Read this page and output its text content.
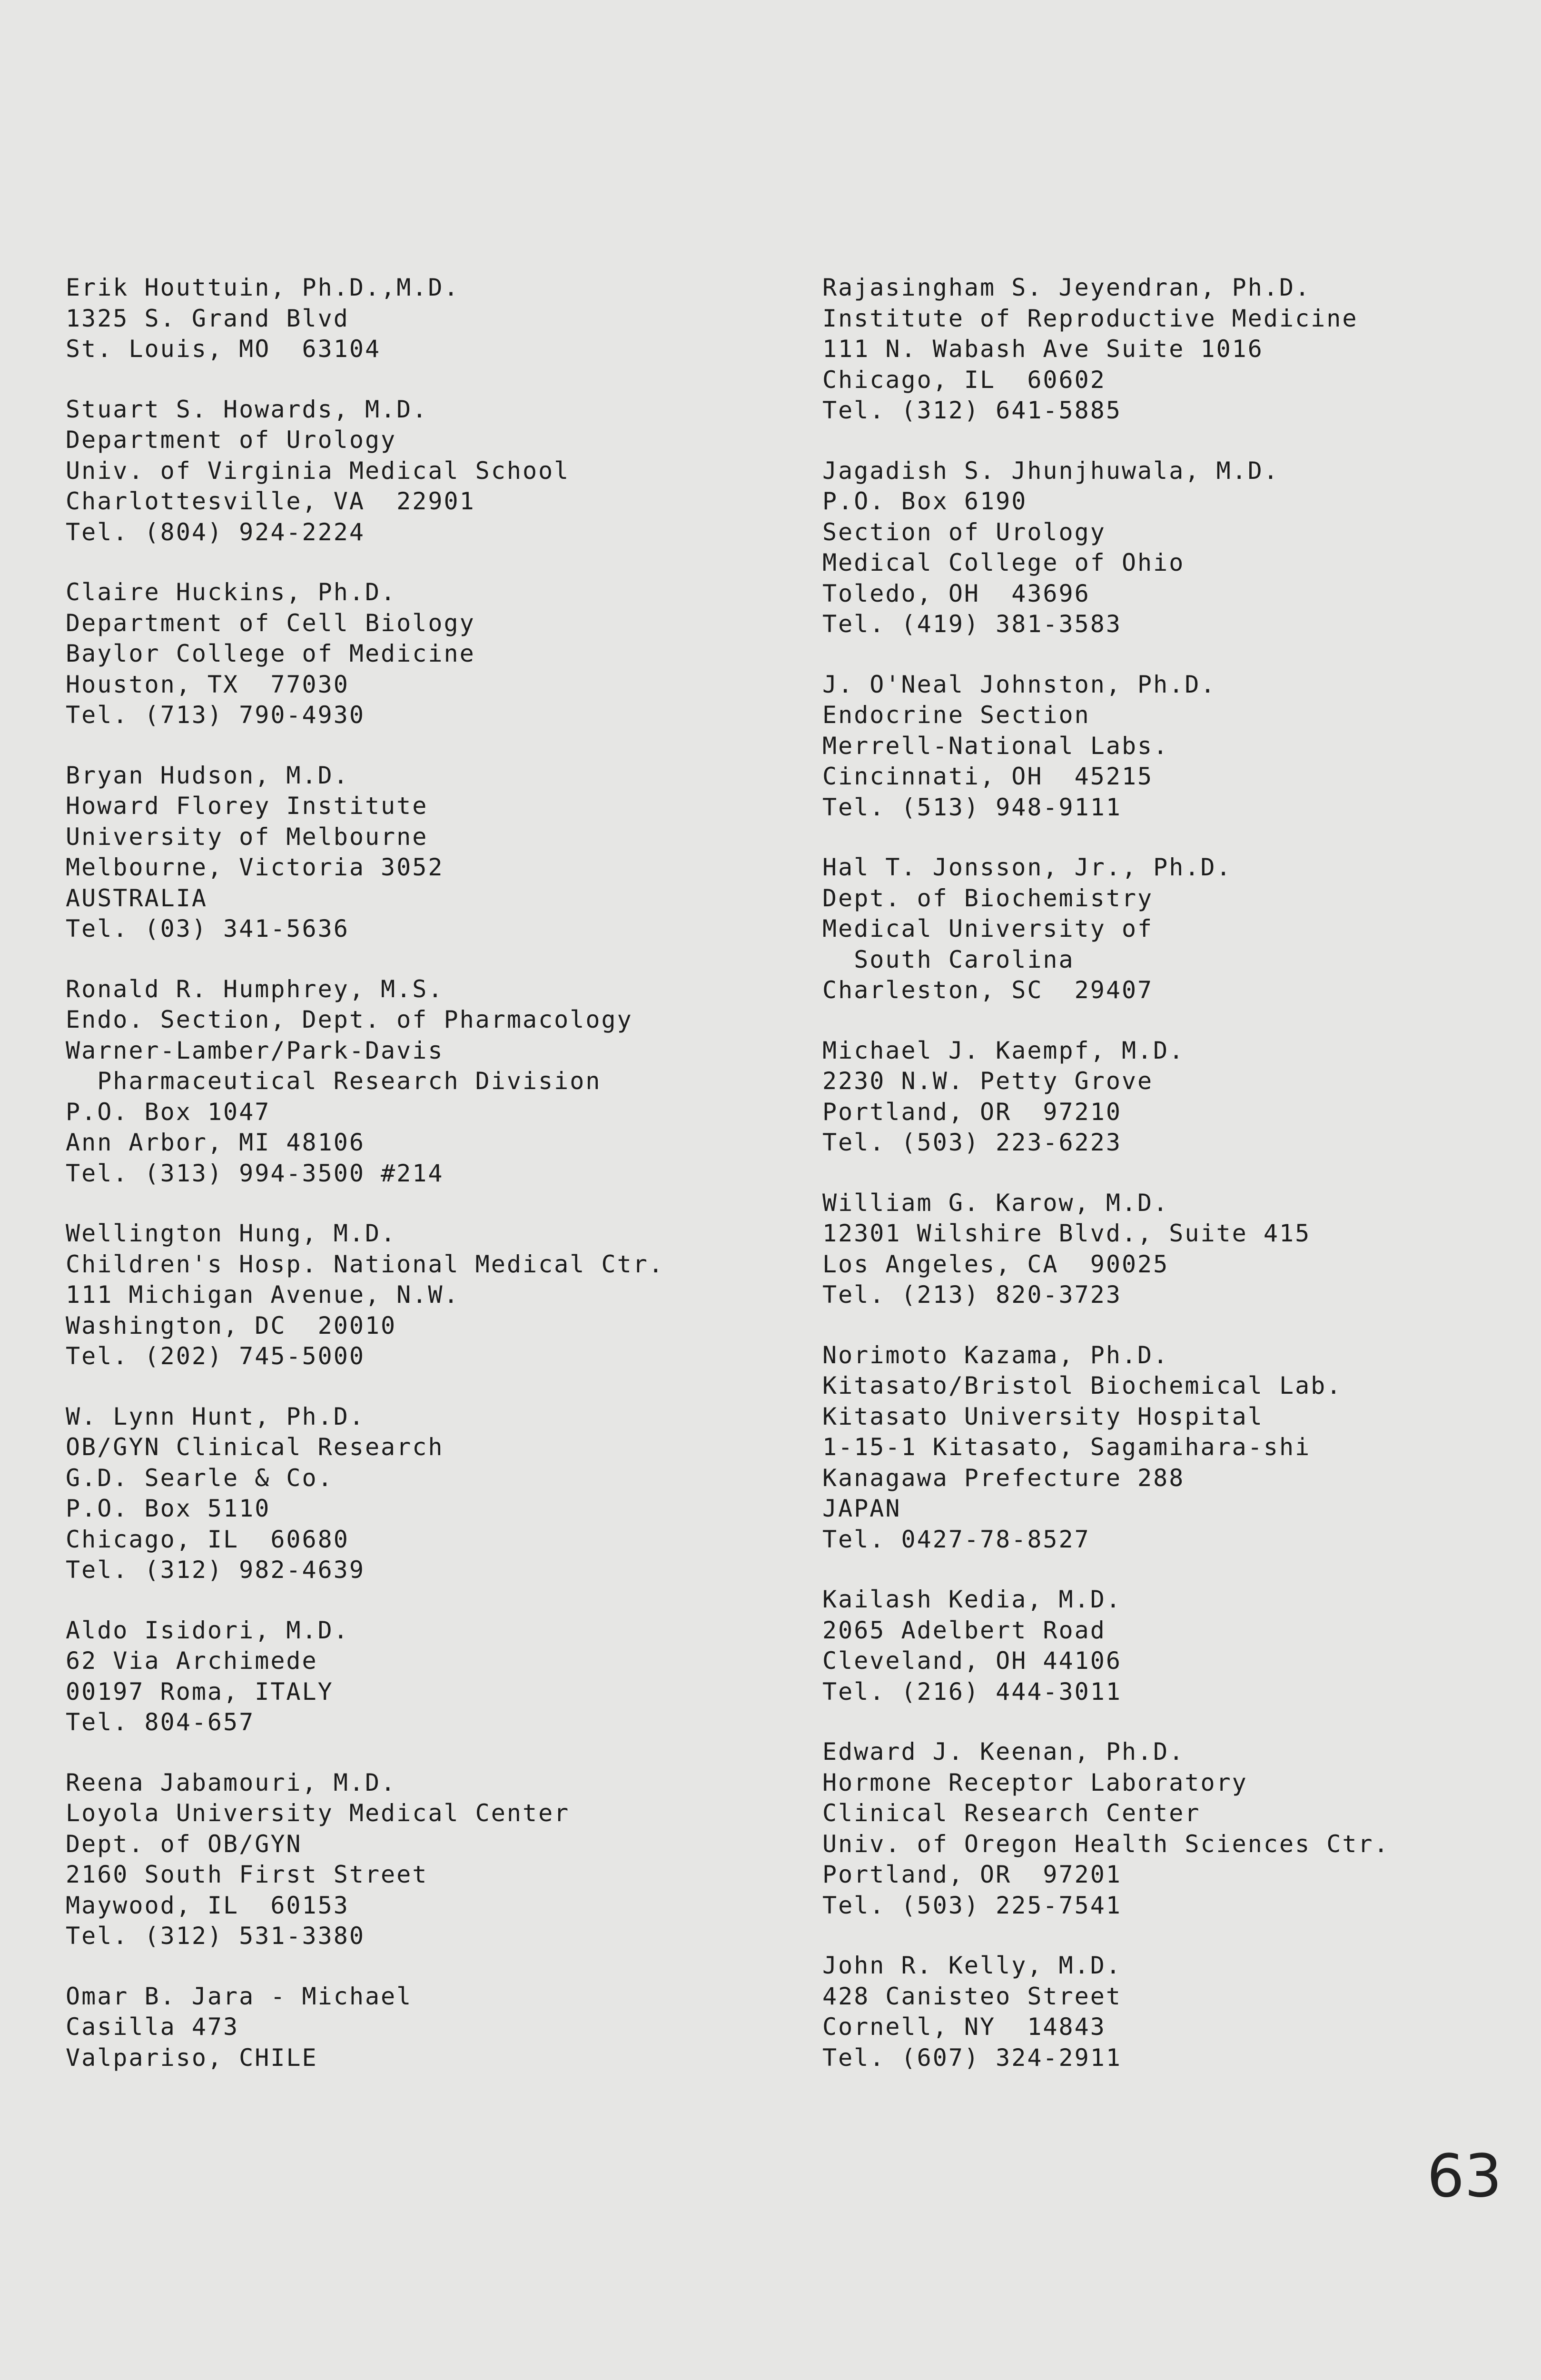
Erik Houttuin, Ph.D.,M.D.
1325 S. Grand Blvd
St. Louis, MO  63104
Stuart S. Howards, M.D.
Department of Urology
Univ. of Virginia Medical School
Charlottesville, VA  22901
Tel. (804) 924-2224
Claire Huckins, Ph.D.
Department of Cell Biology
Baylor College of Medicine
Houston, TX  77030
Tel. (713) 790-4930
Bryan Hudson, M.D.
Howard Florey Institute
University of Melbourne
Melbourne, Victoria 3052
AUSTRALIA
Tel. (03) 341-5636
Ronald R. Humphrey, M.S.
Endo. Section, Dept. of Pharmacology
Warner-Lamber/Park-Davis
Pharmaceutical Research Division
P.O. Box 1047
Ann Arbor, MI 48106
Tel. (313) 994-3500 #214
Wellington Hung, M.D.
Children's Hosp. National Medical Ctr.
111 Michigan Avenue, N.W.
Washington, DC  20010
Tel. (202) 745-5000
W. Lynn Hunt, Ph.D.
OB/GYN Clinical Research
G.D. Searle & Co.
P.O. Box 5110
Chicago, IL  60680
Tel. (312) 982-4639
Aldo Isidori, M.D.
62 Via Archimede
00197 Roma, ITALY
Tel. 804-657
Reena Jabamouri, M.D.
Loyola University Medical Center
Dept. of OB/GYN
2160 South First Street
Maywood, IL  60153
Tel. (312) 531-3380
Omar B. Jara - Michael
Casilla 473
Valpariso, CHILE
Rajasingham S. Jeyendran, Ph.D.
Institute of Reproductive Medicine
111 N. Wabash Ave Suite 1016
Chicago, IL  60602
Tel. (312) 641-5885
Jagadish S. Jhunjhuwala, M.D.
P.O. Box 6190
Section of Urology
Medical College of Ohio
Toledo, OH  43696
Tel. (419) 381-3583
J. O'Neal Johnston, Ph.D.
Endocrine Section
Merrell-National Labs.
Cincinnati, OH  45215
Tel. (513) 948-9111
Hal T. Jonsson, Jr., Ph.D.
Dept. of Biochemistry
Medical University of
South Carolina
Charleston, SC  29407
Michael J. Kaempf, M.D.
2230 N.W. Petty Grove
Portland, OR  97210
Tel. (503) 223-6223
William G. Karow, M.D.
12301 Wilshire Blvd., Suite 415
Los Angeles, CA  90025
Tel. (213) 820-3723
Norimoto Kazama, Ph.D.
Kitasato/Bristol Biochemical Lab.
Kitasato University Hospital
1-15-1 Kitasato, Sagamihara-shi
Kanagawa Prefecture 288
JAPAN
Tel. 0427-78-8527
Kailash Kedia, M.D.
2065 Adelbert Road
Cleveland, OH 44106
Tel. (216) 444-3011
Edward J. Keenan, Ph.D.
Hormone Receptor Laboratory
Clinical Research Center
Univ. of Oregon Health Sciences Ctr.
Portland, OR  97201
Tel. (503) 225-7541
John R. Kelly, M.D.
428 Canisteo Street
Cornell, NY  14843
Tel. (607) 324-2911
63
